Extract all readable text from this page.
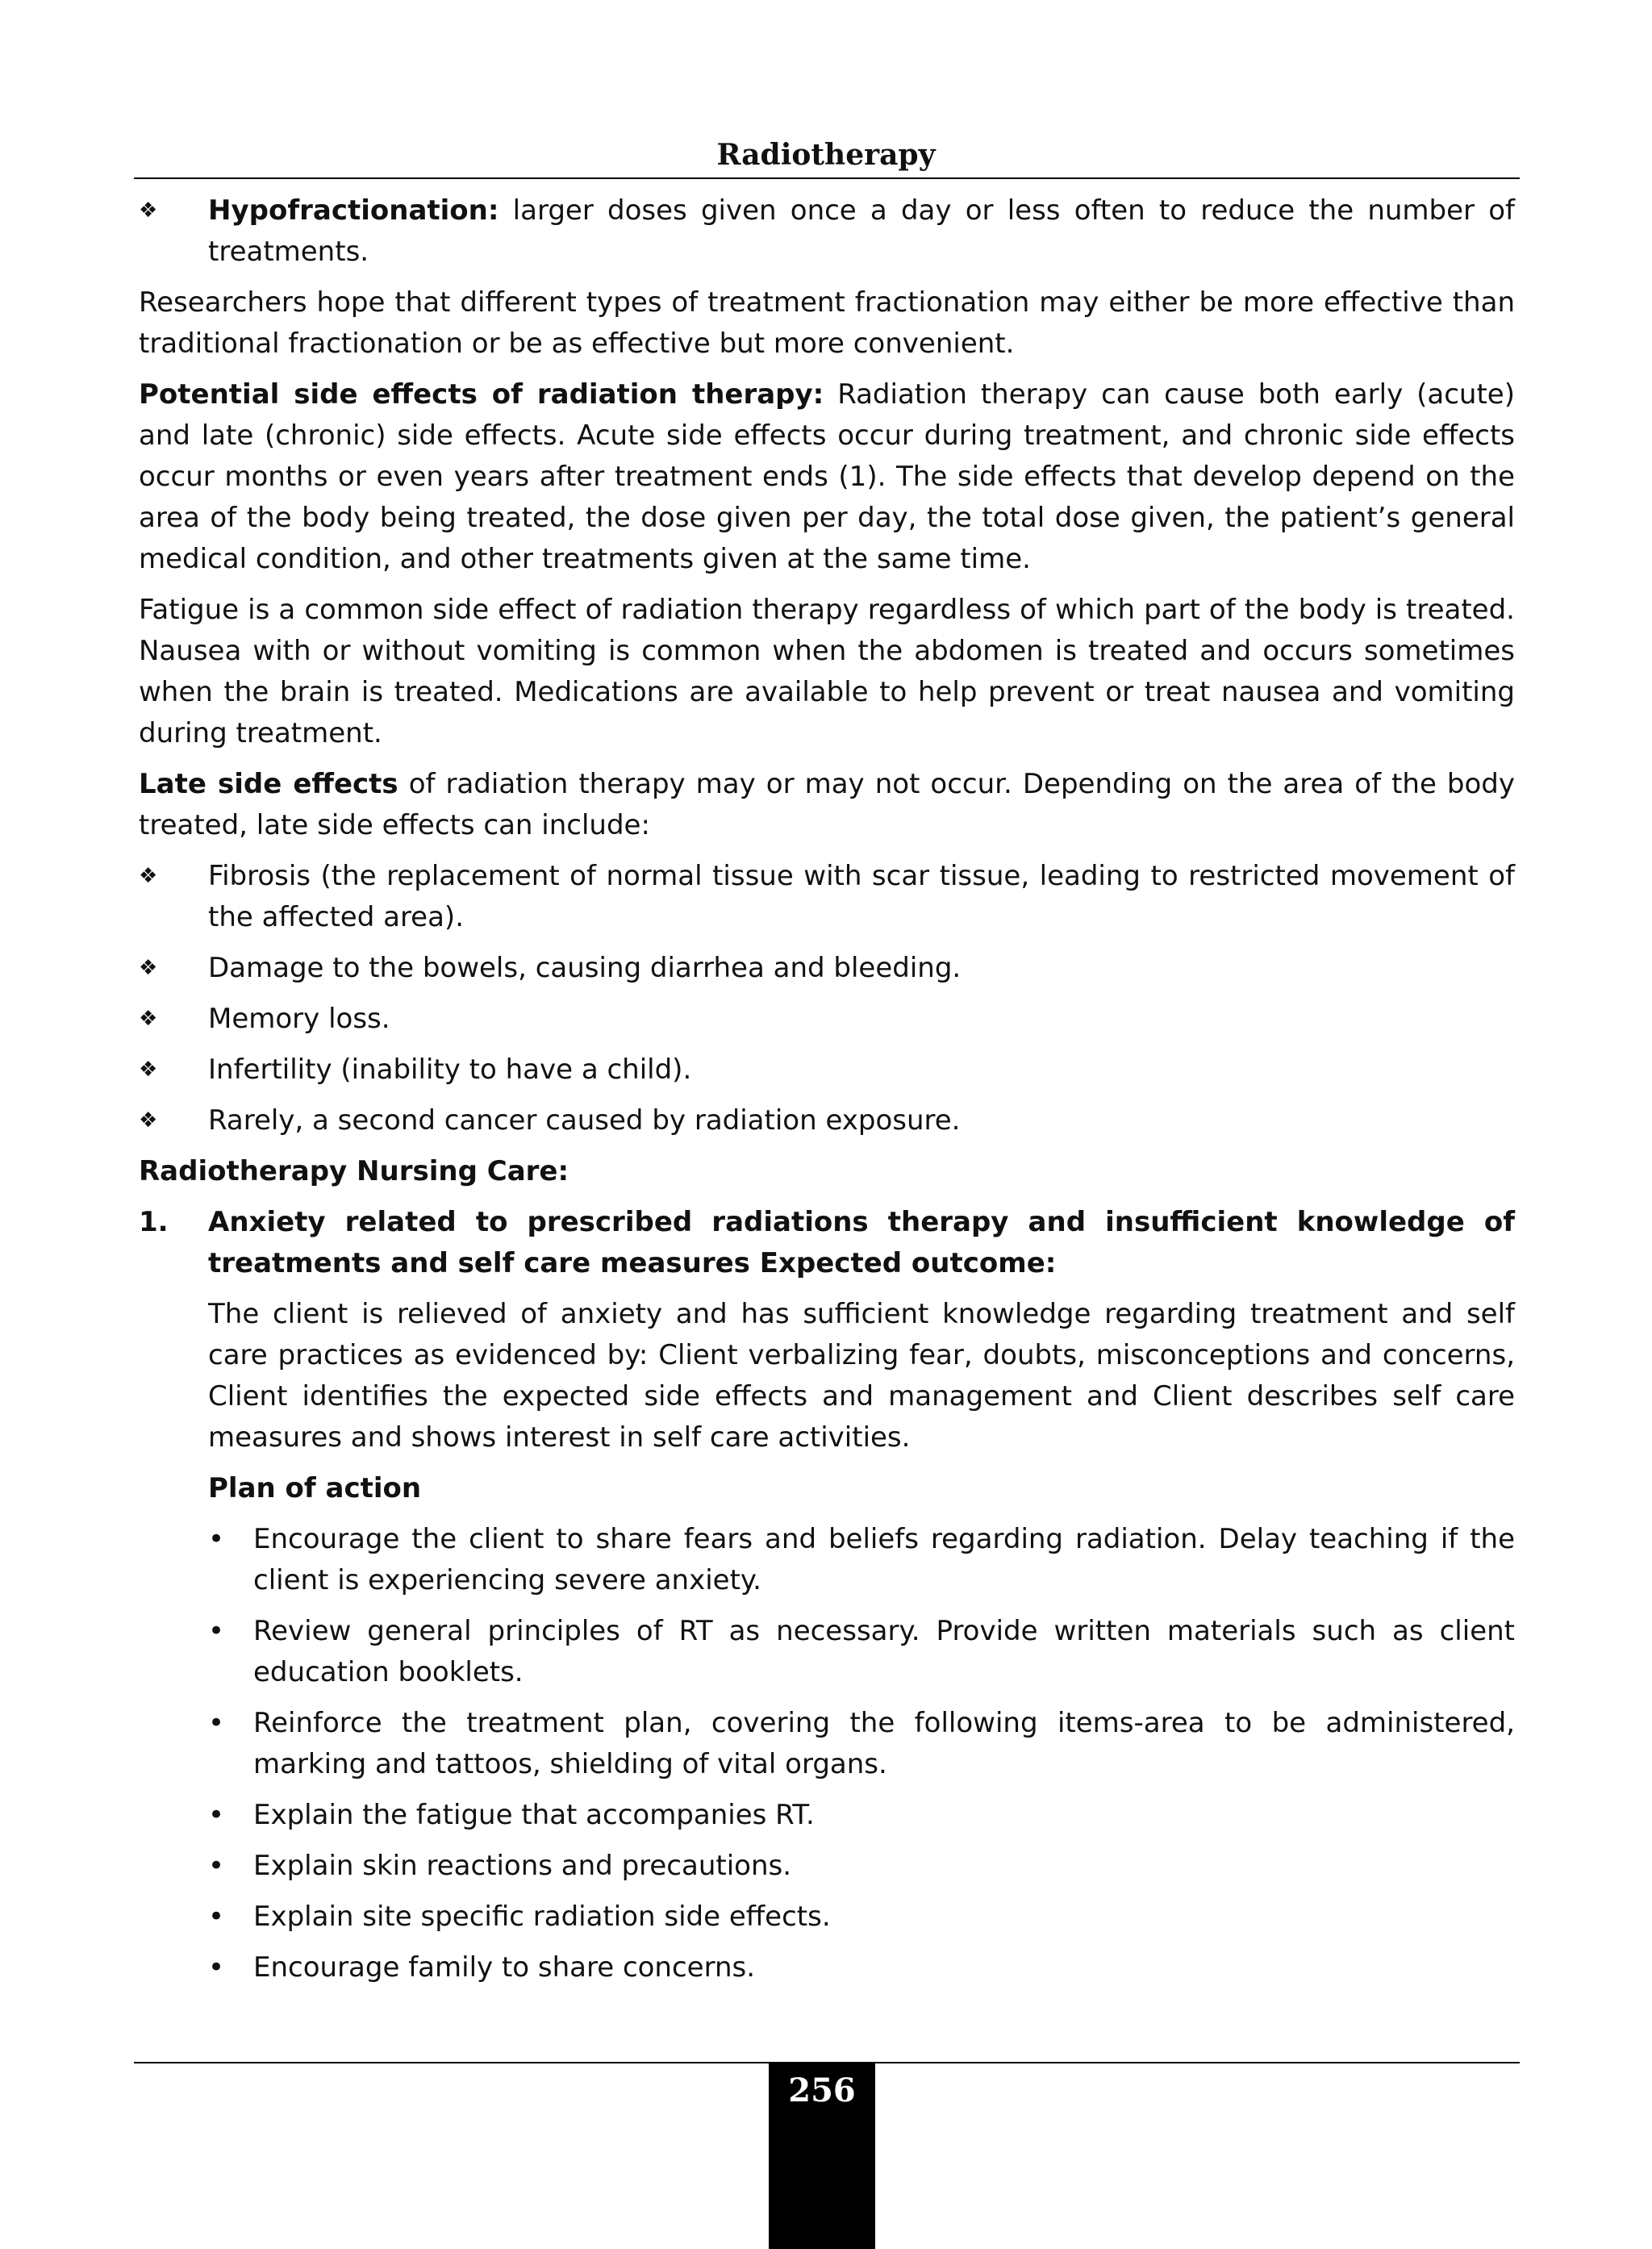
Radiotherapy
❖	Hypofractionation: larger doses given once a day or less often to reduce the number of treatments.

Researchers hope that different types of treatment fractionation may either be more effective than traditional fractionation or be as effective but more convenient.

Potential side effects of radiation therapy: Radiation therapy can cause both early (acute) and late (chronic) side effects. Acute side effects occur during treatment, and chronic side effects occur months or even years after treatment ends (1). The side effects that develop depend on the area of the body being treated, the dose given per day, the total dose given, the patient’s general medical condition, and other treatments given at the same time.

Fatigue is a common side effect of radiation therapy regardless of which part of the body is treated. Nausea with or without vomiting is common when the abdomen is treated and occurs sometimes when the brain is treated. Medications are available to help prevent or treat nausea and vomiting during treatment.

Late side effects of radiation therapy may or may not occur. Depending on the area of the body treated, late side effects can include:

❖	Fibrosis (the replacement of normal tissue with scar tissue, leading to restricted movement of the affected area).
❖	Damage to the bowels, causing diarrhea and bleeding.
❖	Memory loss.
❖	Infertility (inability to have a child).
❖	Rarely, a second cancer caused by radiation exposure.

Radiotherapy Nursing Care:

1.	Anxiety related to prescribed radiations therapy and insufficient knowledge of treatments and self care measures Expected outcome:

The client is relieved of anxiety and has sufficient knowledge regarding treatment and self care practices as evidenced by: Client verbalizing fear, doubts, misconceptions and concerns, Client identifies the expected side effects and management and Client describes self care measures and shows interest in self care activities.

Plan of action

•	Encourage the client to share fears and beliefs regarding radiation. Delay teaching if the client is experiencing severe anxiety.
•	Review general principles of RT as necessary. Provide written materials such as client education booklets.
•	Reinforce the treatment plan, covering the following items-area to be administered, marking and tattoos, shielding of vital organs.
•	Explain the fatigue that accompanies RT.
•	Explain skin reactions and precautions.
•	Explain site specific radiation side effects.
•	Encourage family to share concerns.
256
